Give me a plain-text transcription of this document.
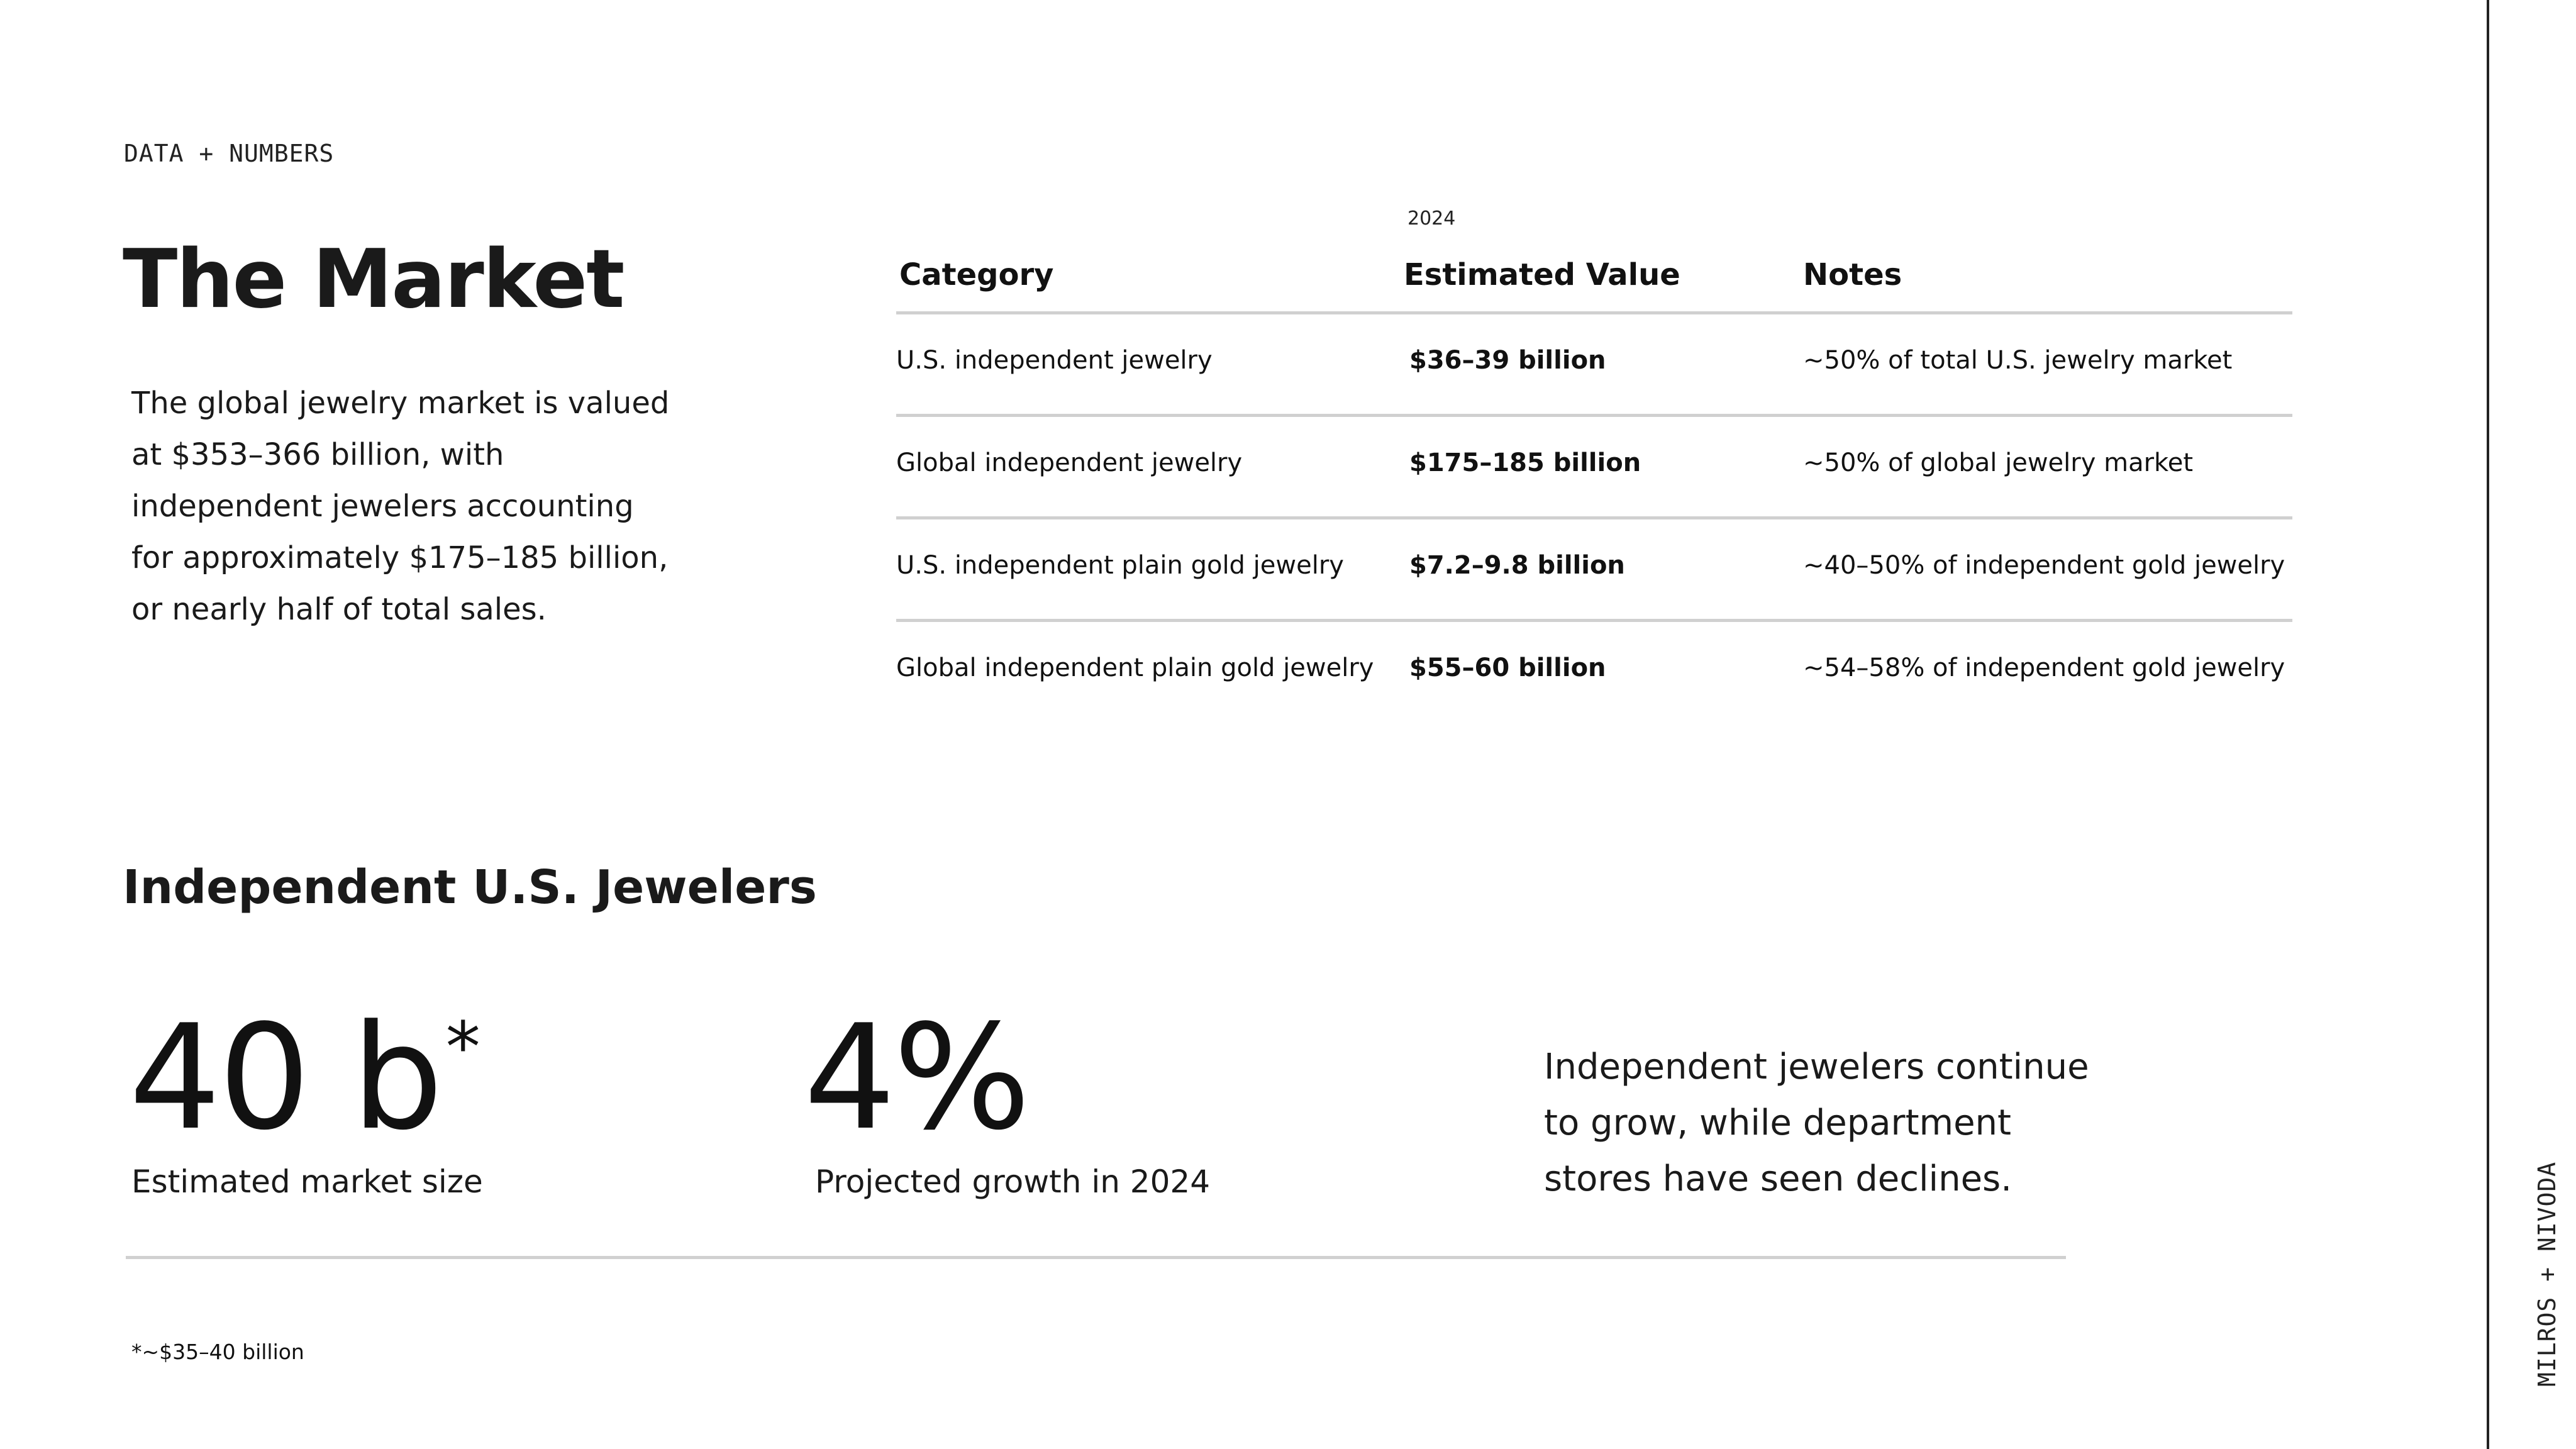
DATA + NUMBERS
The Market

The global jewelry market is valued at $353–366 billion, with independent jewelers accounting for approximately $175–185 billion, or nearly half of total sales.

2024
Category	Estimated Value	Notes
U.S. independent jewelry	$36–39 billion	~50% of total U.S. jewelry market
Global independent jewelry	$175–185 billion	~50% of global jewelry market
U.S. independent plain gold jewelry	$7.2–9.8 billion	~40–50% of independent gold jewelry
Global independent plain gold jewelry $55–60 billion	~54–58% of independent gold jewelry
Independent U.S. Jewelers
40 b*
Estimated market size
4%
Projected growth in 2024

Independent jewelers continue to grow, while department stores have seen declines.

*~$35–40 billion	MILROS + NIVODA
